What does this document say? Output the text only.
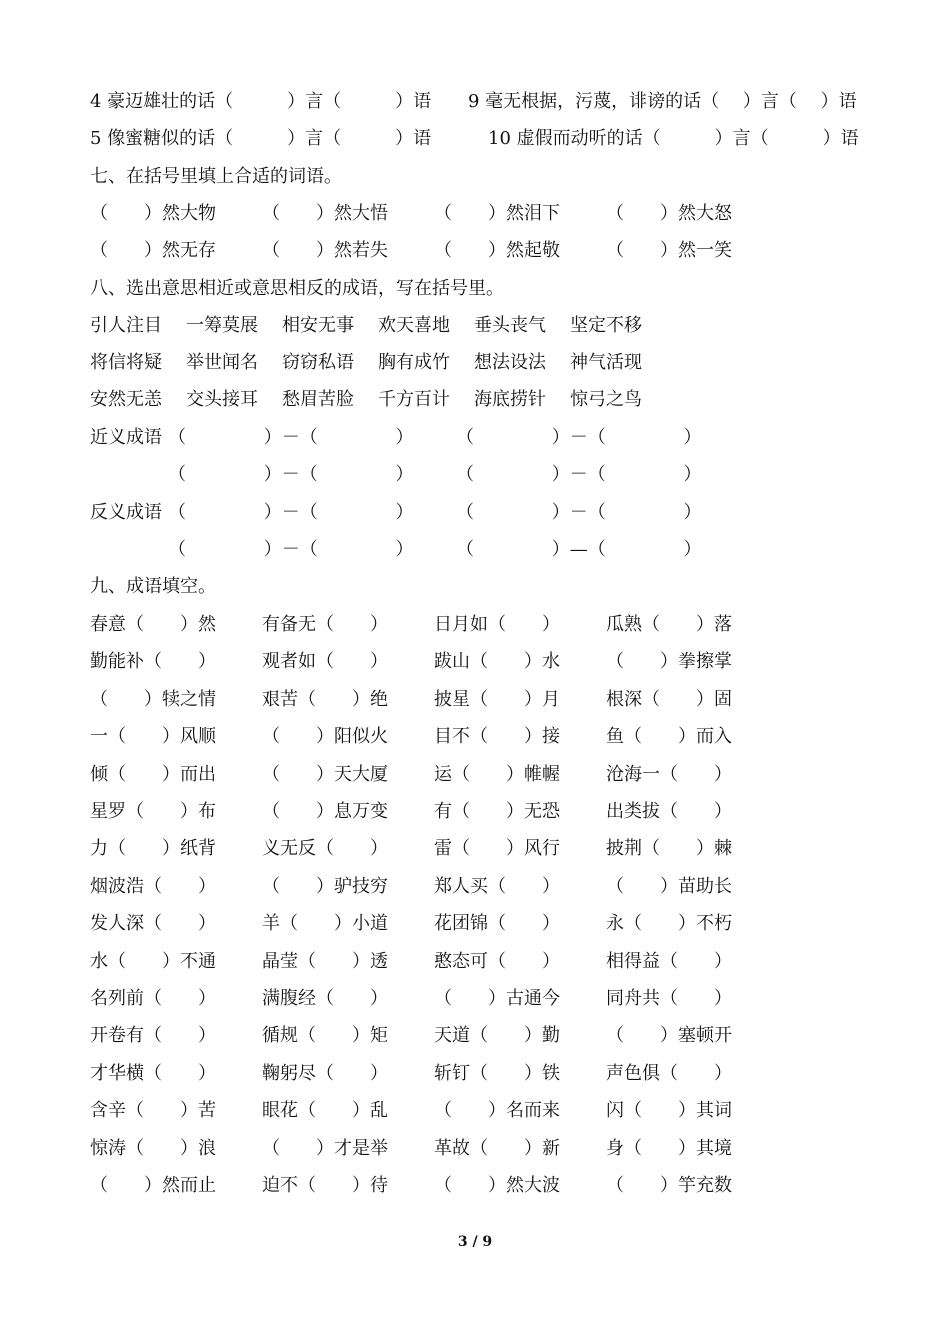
4 豪迈雄壮的话（　　　）言（　　　）语 9 毫无根据，污蔑，诽谤的话（　 ）言（　 ）语
5 像蜜糖似的话（　　　）言（　　　）语	10 虚假而动听的话（　　　）言（　　　）语
七、在括号里填上合适的词语。
（　　）然大物	（　　）然大悟	（　　）然泪下	（　　）然大怒
（　　）然无存	（　　）然若失	（　　）然起敬	（　　）然一笑
八、选出意思相近或意思相反的成语，写在括号里。
引人注目 一筹莫展 相安无事 欢天喜地 垂头丧气 坚定不移
将信将疑 举世闻名 窃窃私语 胸有成竹 想法设法 神气活现
安然无恙 交头接耳 愁眉苦脸 千方百计 海底捞针 惊弓之鸟
近义成语 （　　　　 ）－（　　　　 ） （　　　　 ）－（　　　　 ）
（　　　　 ）－（　　　　 ） （　　　　 ）－（　　　　 ）
反义成语 （　　　　 ）－（　　　　 ） （　　　　 ）－（　　　　 ）
（　　　　 ）－（　　　　 ） （　　　　 ）—（　　　　 ）
九、成语填空。
春意（　　）然	有备无（　　）	日月如（　　）	瓜熟（　　）落
勤能补（　　）	观者如（　　）	跋山（　　）水	（　　）拳擦掌
（　　）犊之情	艰苦（　　）绝	披星（　　）月	根深（　　）固
一（　　）风顺	（　　）阳似火	目不（　　）接	鱼（　　）而入
倾（　　）而出	（　　）天大厦	运（　　）帷幄	沧海一（　　）
星罗（　　）布	（　　）息万变	有（　　）无恐	出类拔（　　）
力（　　）纸背	义无反（　　）	雷（　　）风行	披荆（　　）棘
烟波浩（　　）	（　　）驴技穷	郑人买（　　）	（　　）苗助长
发人深（　　）	羊（　　）小道	花团锦（　　）	永（　　）不朽
水（　　）不通	晶莹（　　）透	憨态可（　　）	相得益（　　）
名列前（　　）	满腹经（　　）	（　　）古通今	同舟共（　　）
开卷有（　　）	循规（　　）矩	天道（　　）勤	（　　）塞顿开
才华横（　　）	鞠躬尽（　　）	斩钉（　　）铁	声色俱（　　）
含辛（　　）苦	眼花（　　）乱	（　　）名而来	闪（　　）其词
惊涛（　　）浪	（　　）才是举	革故（　　）新	身（　　）其境
（　　）然而止	迫不（　　）待	（　　）然大波	（　　）竽充数
3 / 9
